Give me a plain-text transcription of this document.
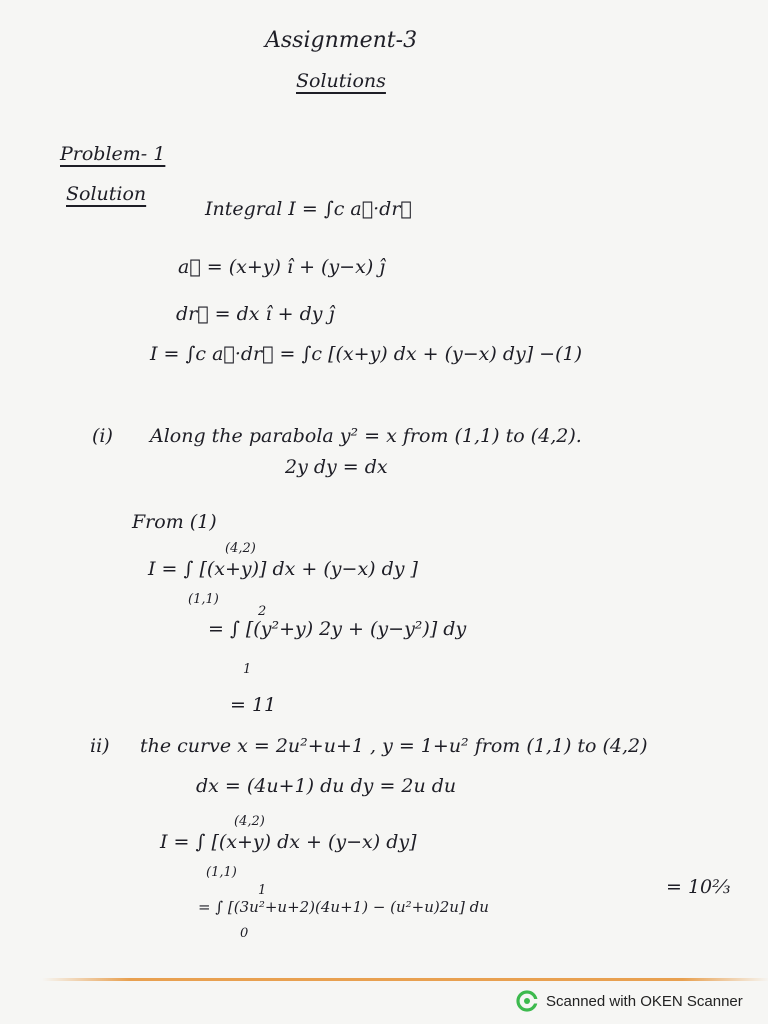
Assignment-3
Solutions
Problem- 1
Solution
Integral I = ∫c a⃗·dr⃗
a⃗ = (x+y) î + (y−x) ĵ
dr⃗ = dx î + dy ĵ
I = ∫c a⃗·dr⃗ = ∫c [(x+y) dx + (y−x) dy] −(1)
(i) Along the parabola y² = x from (1,1) to (4,2).
2y dy = dx
From (1)
(4,2)
I = ∫ [(x+y)] dx + (y−x) dy ]
(1,1)
2
= ∫ [(y²+y) 2y + (y−y²)] dy
1
= 11
ii) the curve x = 2u²+u+1 , y = 1+u² from (1,1) to (4,2)
dx = (4u+1) du dy = 2u du
(4,2)
I = ∫ [(x+y) dx + (y−x) dy]
(1,1)
1
= ∫ [(3u²+u+2)(4u+1) − (u²+u)2u] du
= 10⅔
0
Scanned with OKEN Scanner
